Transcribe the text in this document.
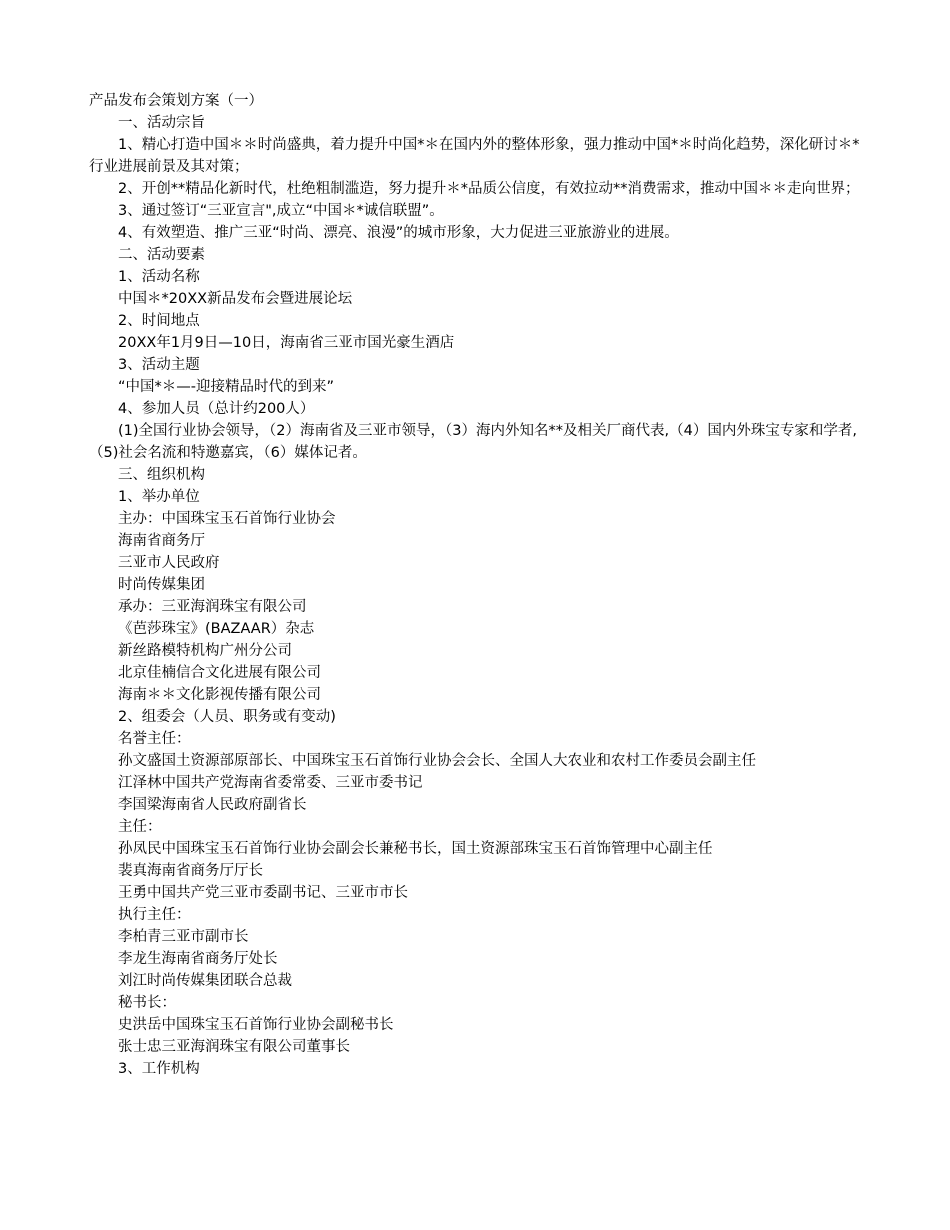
产品发布会策划方案（一）
一、活动宗旨
1、精心打造中国＊＊时尚盛典，着力提升中国*＊在国内外的整体形象，强力推动中国*＊时尚化趋势，深化研讨＊*行业进展前景及其对策；
2、开创**精品化新时代，杜绝粗制滥造，努力提升＊*品质公信度，有效拉动**消费需求，推动中国＊＊走向世界；
3、通过签订“三亚宣言",成立“中国＊*诚信联盟”。
4、有效塑造、推广三亚“时尚、漂亮、浪漫”的城市形象，大力促进三亚旅游业的进展。
二、活动要素
1、活动名称
中国＊*20XX新品发布会暨进展论坛
2、时间地点
20XX年1月9日—10日，海南省三亚市国光豪生酒店
3、活动主题
“中国*＊—-迎接精品时代的到来”
4、参加人员（总计约200人）
(1)全国行业协会领导，（2）海南省及三亚市领导，（3）海内外知名**及相关厂商代表,（4）国内外珠宝专家和学者,（5)社会名流和特邀嘉宾，（6）媒体记者。
三、组织机构
1、举办单位
主办：中国珠宝玉石首饰行业协会
海南省商务厅
三亚市人民政府
时尚传媒集团
承办：三亚海润珠宝有限公司
《芭莎珠宝》(BAZAAR）杂志
新丝路模特机构广州分公司
北京佳楠信合文化进展有限公司
海南＊＊文化影视传播有限公司
2、组委会（人员、职务或有变动)
名誉主任：
孙文盛国土资源部原部长、中国珠宝玉石首饰行业协会会长、全国人大农业和农村工作委员会副主任
江泽林中国共产党海南省委常委、三亚市委书记
李国梁海南省人民政府副省长
主任：
孙凤民中国珠宝玉石首饰行业协会副会长兼秘书长，国土资源部珠宝玉石首饰管理中心副主任
裴真海南省商务厅厅长
王勇中国共产党三亚市委副书记、三亚市市长
执行主任：
李柏青三亚市副市长
李龙生海南省商务厅处长
刘江时尚传媒集团联合总裁
秘书长：
史洪岳中国珠宝玉石首饰行业协会副秘书长
张士忠三亚海润珠宝有限公司董事长
3、工作机构
